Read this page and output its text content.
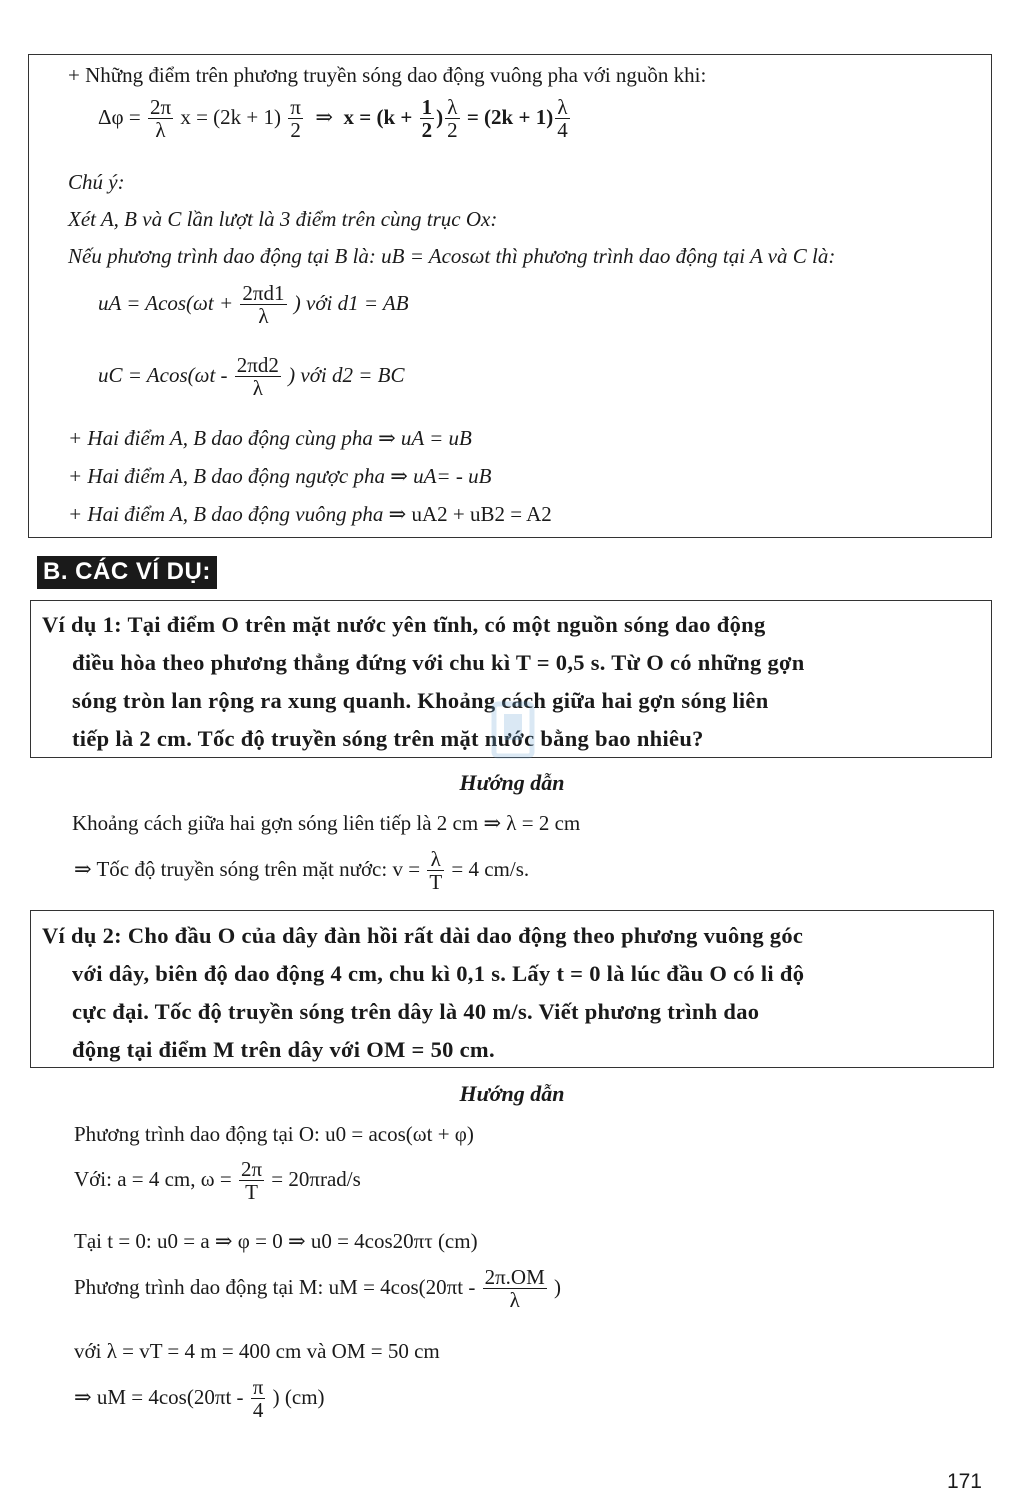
+ Những điểm trên phương truyền sóng dao động vuông pha với nguồn khi:
$\Delta\varphi = \frac{2\pi}{\lambda}$ $x = (2k + 1) \frac{\pi}{2}$ ⇒ $x = (k + \frac{1}{2}$ ) $\frac{\lambda}{2} = (2k + 1) \frac{\lambda}{4}$
Chú ý:
Xét A, B và C lần lượt là 3 điểm trên cùng trục Ox:
Nếu phương trình dao động tại B là: uB = Acosωt thì phương trình dao động tại A và C là:
uA = $Acos(\omega t + \frac{2\pi d1}{\lambda}$ ) với d1 = AB
uC = $Acos(\omega t - \frac{2\pi d2}{\lambda}$ ) với d2 = BC
+ Hai điểm A, B dao động cùng pha ⇒ uA = uB
+ Hai điểm A, B dao động ngược pha ⇒ uA= - uB
+ Hai điểm A, B dao động vuông pha ⇒ uA2 + uB2 = A2
B. CÁC VÍ DỤ:
Ví dụ 1: Tại điểm O trên mặt nước yên tĩnh, có một nguồn sóng dao động
điều hòa theo phương thẳng đứng với chu kì T = 0,5 s. Từ O có những gợn
sóng tròn lan rộng ra xung quanh. Khoảng cách giữa hai gợn sóng liên
tiếp là 2 cm. Tốc độ truyền sóng trên mặt nước bằng bao nhiêu?
Hướng dẫn
Khoảng cách giữa hai gợn sóng liên tiếp là 2 cm ⇒ λ = 2 cm
⇒ Tốc độ truyền sóng trên mặt nước: $v = \frac{\lambda}{T} = 4$ cm/s.
Ví dụ 2: Cho đầu O của dây đàn hồi rất dài dao động theo phương vuông góc
với dây, biên độ dao động 4 cm, chu kì 0,1 s. Lấy t = 0 là lúc đầu O có li độ
cực đại. Tốc độ truyền sóng trên dây là 40 m/s. Viết phương trình dao
động tại điểm M trên dây với OM = 50 cm.
Hướng dẫn
Phương trình dao động tại O: u0 = acos(ωt + φ)
Với: a = 4 cm, $\omega = \frac{2\pi}{T} = 20\pi rad/s$
Tại t = 0: u0 = a ⇒ φ = 0 ⇒ u0 = 4cos20πτ (cm)
Phương trình dao động tại M: uM = $4\cos(20\pi t - \frac{2\pi.OM}{\lambda}$ )
với λ = vT = 4 m = 400 cm và OM = 50 cm
⇒ uM = $4\cos(20\pi t - \frac{\pi}{4}$ ) (cm)
171
